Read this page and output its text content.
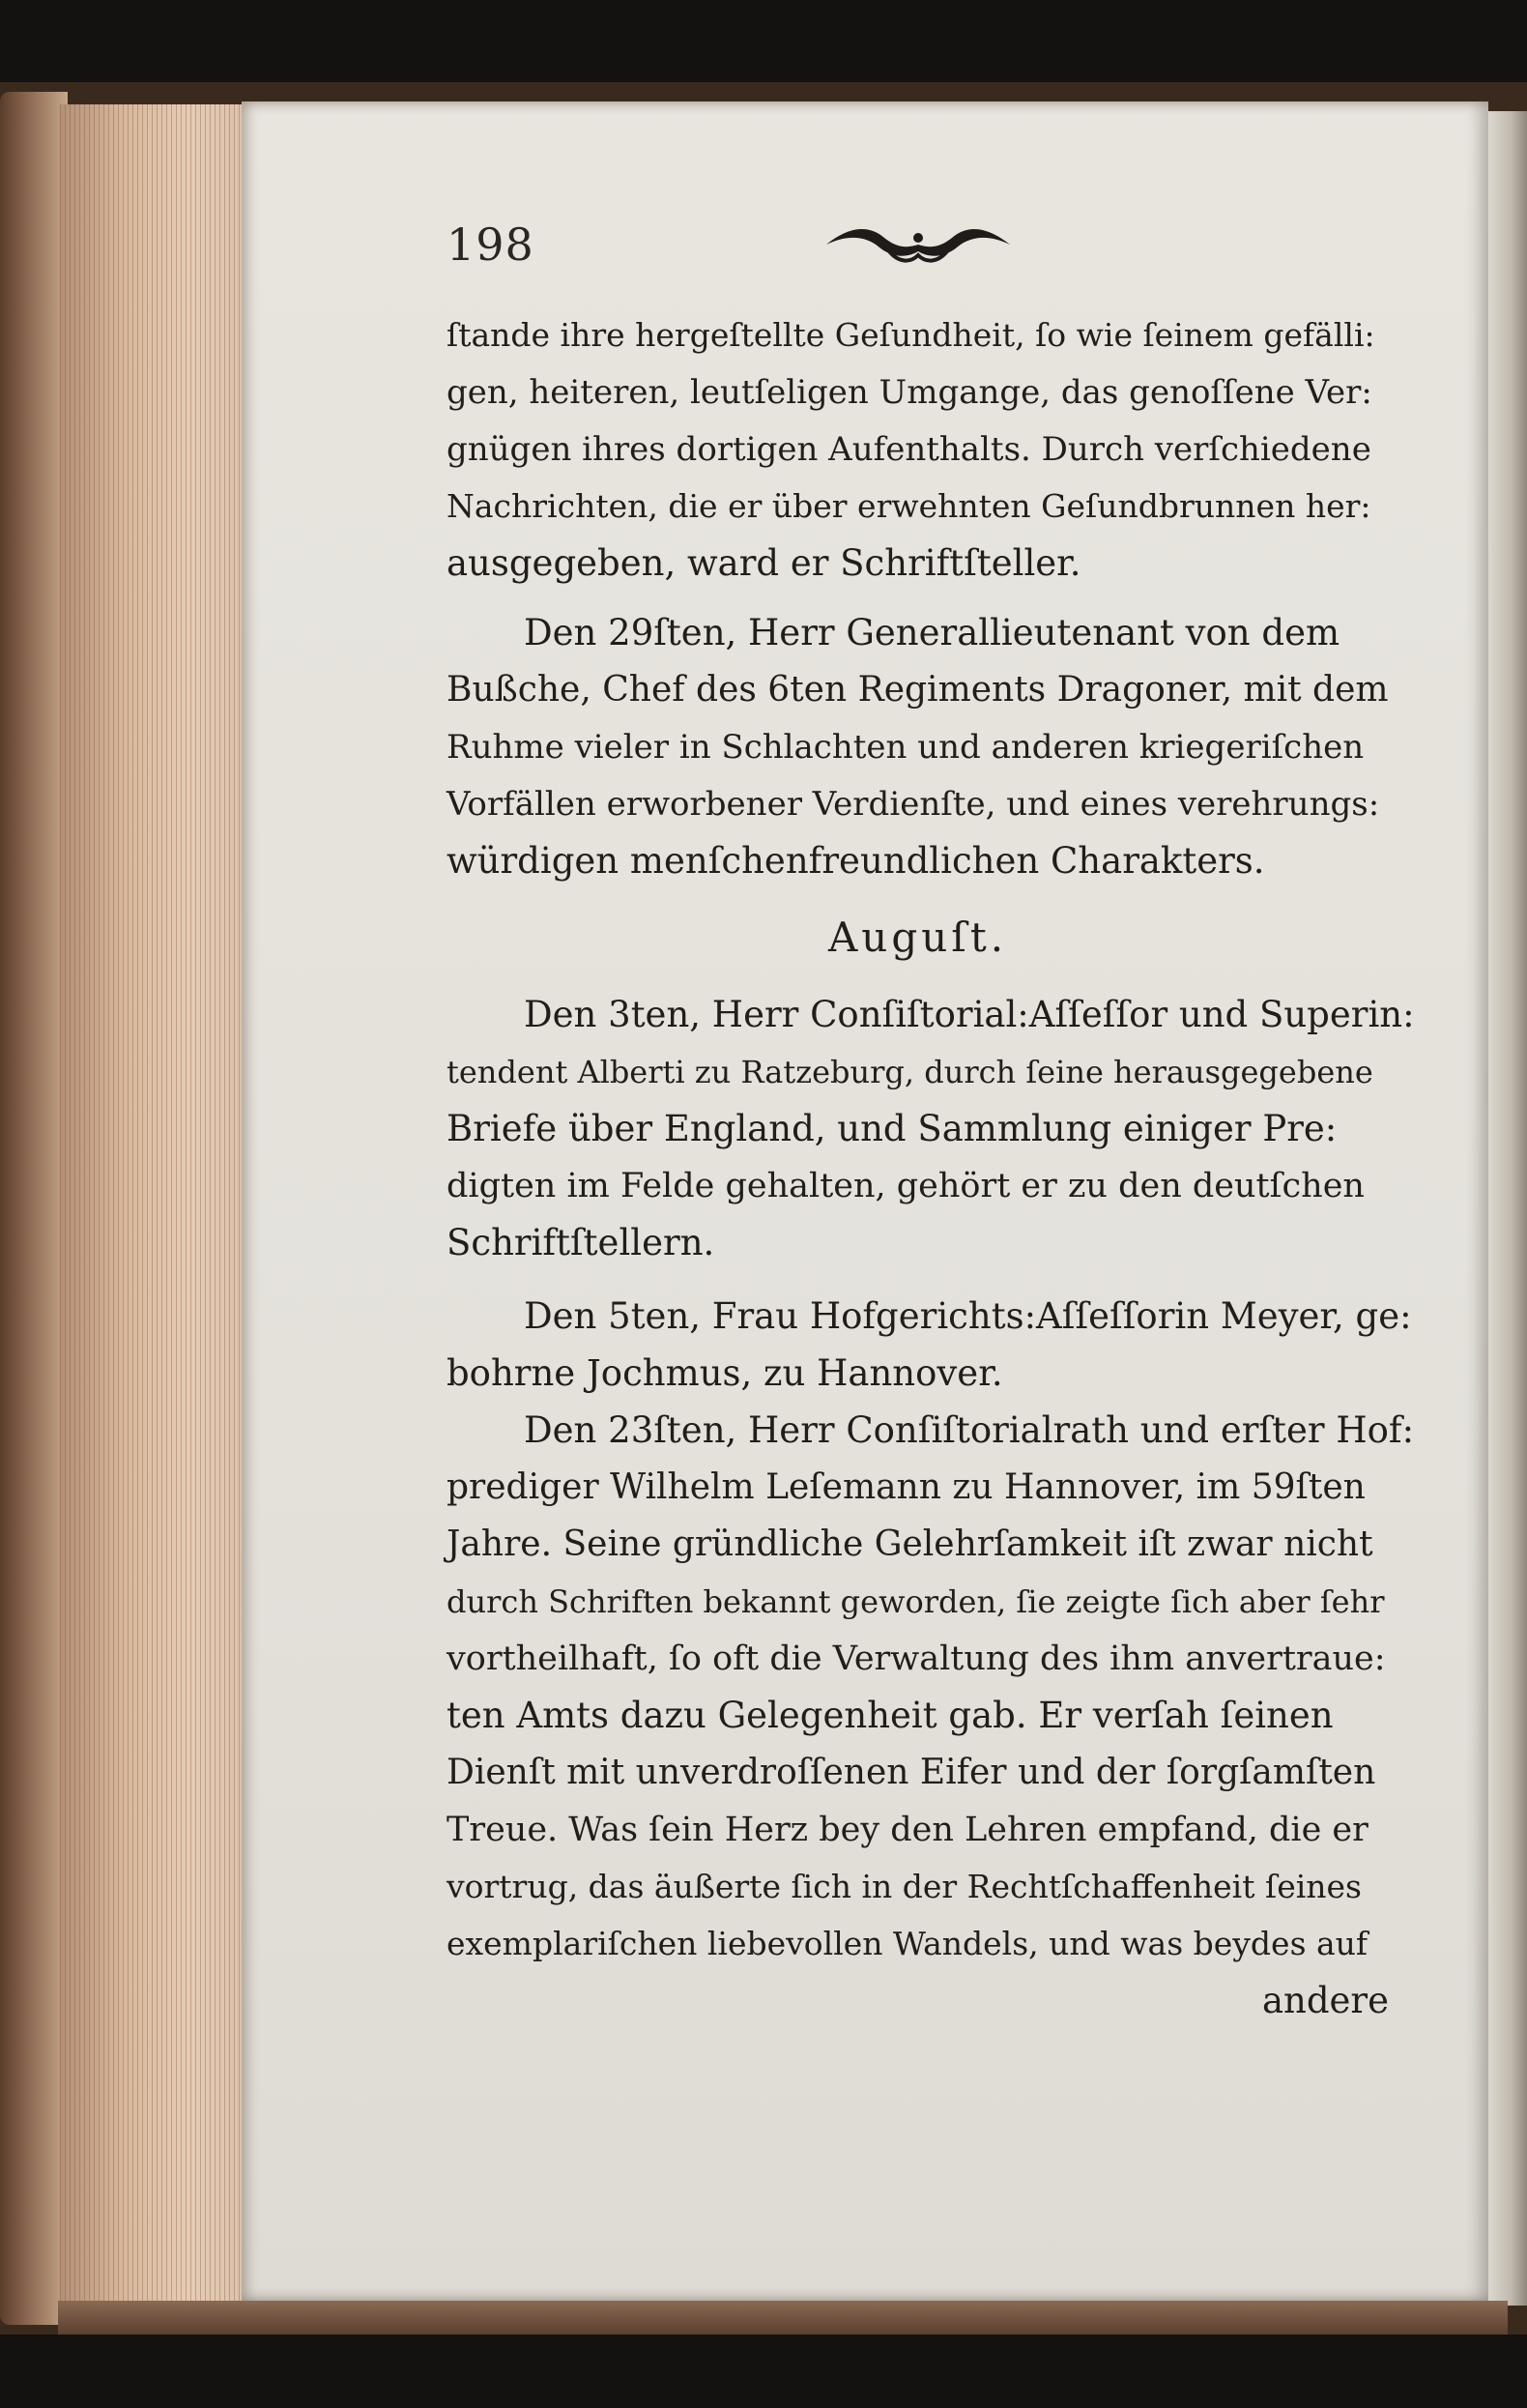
198
ſtande ihre hergeſtellte Geſundheit, ſo wie ſeinem gefälli:
gen, heiteren, leutſeligen Umgange, das genoſſene Ver:
gnügen ihres dortigen Aufenthalts. Durch verſchiedene
Nachrichten, die er über erwehnten Geſundbrunnen her:
ausgegeben, ward er Schriftſteller.
Den 29ſten, Herr Generallieutenant von dem
Bußche, Chef des 6ten Regiments Dragoner, mit dem
Ruhme vieler in Schlachten und anderen kriegeriſchen
Vorfällen erworbener Verdienſte, und eines verehrungs:
würdigen menſchenfreundlichen Charakters.
Auguſt.
Den 3ten, Herr Conſiſtorial:Aſſeſſor und Superin:
tendent Alberti zu Ratzeburg, durch ſeine herausgegebene
Briefe über England, und Sammlung einiger Pre:
digten im Felde gehalten, gehört er zu den deutſchen
Schriftſtellern.
Den 5ten, Frau Hofgerichts:Aſſeſſorin Meyer, ge:
bohrne Jochmus, zu Hannover.
Den 23ſten, Herr Conſiſtorialrath und erſter Hof:
prediger Wilhelm Leſemann zu Hannover, im 59ſten
Jahre. Seine gründliche Gelehrſamkeit iſt zwar nicht
durch Schriften bekannt geworden, ſie zeigte ſich aber ſehr
vortheilhaft, ſo oft die Verwaltung des ihm anvertraue:
ten Amts dazu Gelegenheit gab. Er verſah ſeinen
Dienſt mit unverdroſſenen Eifer und der ſorgſamſten
Treue. Was ſein Herz bey den Lehren empfand, die er
vortrug, das äußerte ſich in der Rechtſchaffenheit ſeines
exemplariſchen liebevollen Wandels, und was beydes auf
andere
